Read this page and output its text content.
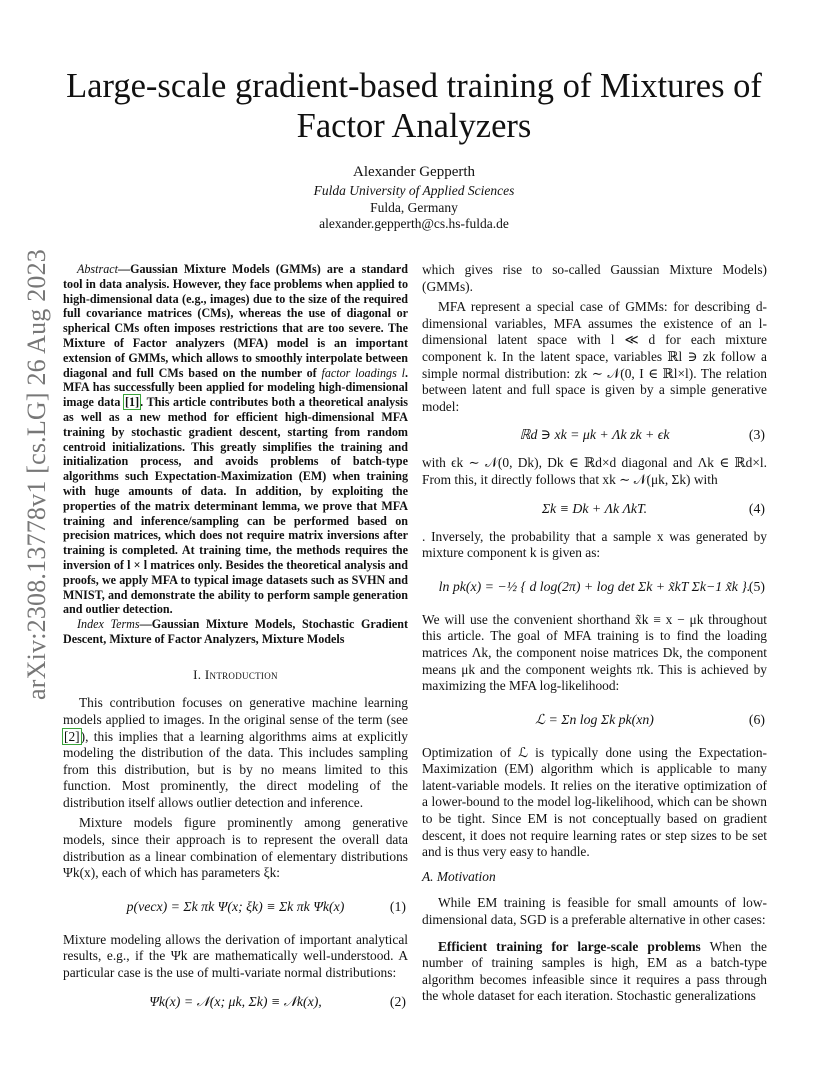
arXiv:2308.13778v1 [cs.LG] 26 Aug 2023
Large-scale gradient-based training of Mixtures of Factor Analyzers
Alexander Gepperth
Fulda University of Applied Sciences
Fulda, Germany
alexander.gepperth@cs.hs-fulda.de

Abstract—Gaussian Mixture Models (GMMs) are a standard tool in data analysis. However, they face problems when applied to high-dimensional data (e.g., images) due to the size of the required full covariance matrices (CMs), whereas the use of diagonal or spherical CMs often imposes restrictions that are too severe. The Mixture of Factor analyzers (MFA) model is an important extension of GMMs, which allows to smoothly interpolate between diagonal and full CMs based on the number of factor loadings l. MFA has successfully been applied for modeling high-dimensional image data [1]. This article contributes both a theoretical analysis as well as a new method for efficient high-dimensional MFA training by stochastic gradient descent, starting from random centroid initializations. This greatly simplifies the training and initialization process, and avoids problems of batch-type algorithms such Expectation-Maximization (EM) when training with huge amounts of data. In addition, by exploiting the properties of the matrix determinant lemma, we prove that MFA training and inference/sampling can be performed based on precision matrices, which does not require matrix inversions after training is completed. At training time, the methods requires the inversion of l × l matrices only. Besides the theoretical analysis and proofs, we apply MFA to typical image datasets such as SVHN and MNIST, and demonstrate the ability to perform sample generation and outlier detection.

Index Terms—Gaussian Mixture Models, Stochastic Gradient Descent, Mixture of Factor Analyzers, Mixture Models

I. Introduction

This contribution focuses on generative machine learning models applied to images. In the original sense of the term (see [2]), this implies that a learning algorithms aims at explicitly modeling the distribution of the data. This includes sampling from this distribution, but is by no means limited to this function. Most prominently, the direct modeling of the distribution itself allows outlier detection and inference.

Mixture models figure prominently among generative models, since their approach is to represent the overall data distribution as a linear combination of elementary distributions Ψk(x), each of which has parameters ξk:

p(vecx) = Σk πk Ψ(x; ξk) ≡ Σk πk Ψk(x)	(1)

Mixture modeling allows the derivation of important analytical results, e.g., if the Ψk are mathematically well-understood. A particular case is the use of multi-variate normal distributions:

Ψk(x) = 𝒩(x; μk, Σk) ≡ 𝒩k(x),	(2)

which gives rise to so-called Gaussian Mixture Models) (GMMs).

MFA represent a special case of GMMs: for describing d-dimensional variables, MFA assumes the existence of an l-dimensional latent space with l ≪ d for each mixture component k. In the latent space, variables ℝl ∋ zk follow a simple normal distribution: zk ∼ 𝒩(0, I ∈ ℝl×l). The relation between latent and full space is given by a simple generative model:

ℝd ∋ xk = μk + Λk zk + ϵk	(3)

with ϵk ∼ 𝒩(0, Dk), Dk ∈ ℝd×d diagonal and Λk ∈ ℝd×l. From this, it directly follows that xk ∼ 𝒩(μk, Σk) with

Σk ≡ Dk + Λk ΛkT.	(4)

. Inversely, the probability that a sample x was generated by mixture component k is given as:

ln pk(x) = −½ { d log(2π) + log det Σk + x̃kT Σk−1 x̃k }.
(5)

We will use the convenient shorthand x̃k ≡ x − μk throughout this article. The goal of MFA training is to find the loading matrices Λk, the component noise matrices Dk, the component means μk and the component weights πk. This is achieved by maximizing the MFA log-likelihood:

ℒ = Σn log Σk pk(xn)	(6)

Optimization of ℒ is typically done using the Expectation-Maximization (EM) algorithm which is applicable to many latent-variable models. It relies on the iterative optimization of a lower-bound to the model log-likelihood, which can be shown to be tight. Since EM is not conceptually based on gradient descent, it does not require learning rates or step sizes to be set and is thus very easy to handle.

A. Motivation

While EM training is feasible for small amounts of low-dimensional data, SGD is a preferable alternative in other cases:

Efficient training for large-scale problems When the number of training samples is high, EM as a batch-type algorithm becomes infeasible since it requires a pass through the whole dataset for each iteration. Stochastic generalizations
